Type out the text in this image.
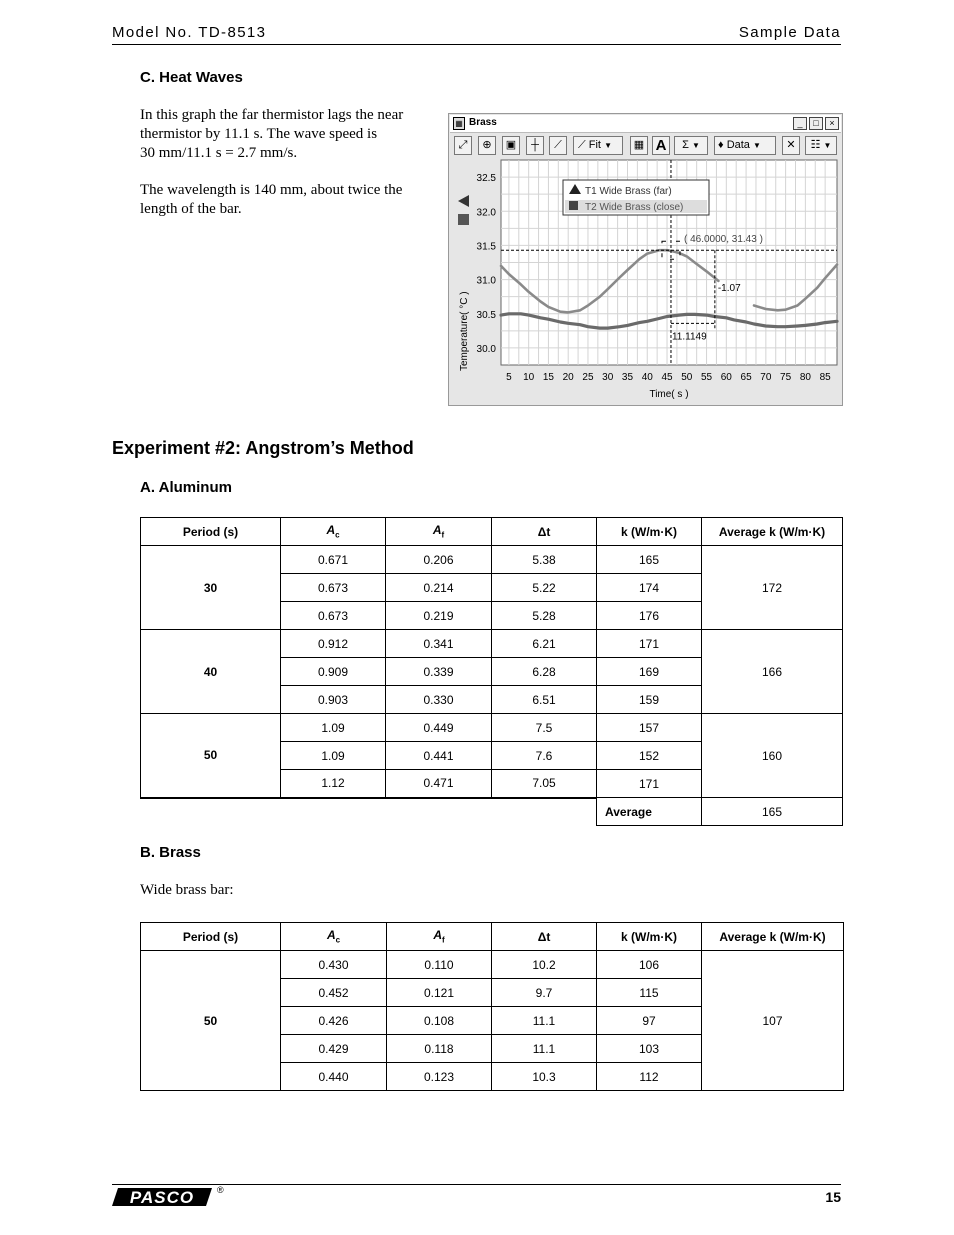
Model No. TD-8513	Sample Data
C. Heat Waves
In this graph the far thermistor lags the near
thermistor by 11.1 s. The wave speed is
30 mm/11.1 s = 2.7 mm/s.
The wavelength is 140 mm, about twice the
length of the bar.
▦ Brass	_	□	×
⤢	⊕	▣	┼	⟋	⟋ Fit ▼	▦ A	Σ ▼	♦ Data ▼	✕	☷ ▼
5 10 15 20 25 30 35 40 45 50 55 60 65 70 75 80 85
30.0
30.5
31.0
31.5
32.0
32.5
Temperature( °C )
Time( s )
T1 Wide Brass (far)
T2 Wide Brass (close)
( 46.0000, 31.43 )
-1.07
11.1149
Experiment #2: Angstrom’s Method
A. Aluminum
Period (s)	$A_c$	$A_f$	Δt	k (W/m·K)	Average k (W/m·K)
30	0.671	0.206	5.38	165	172
	0.673	0.214	5.22	174	
	0.673	0.219	5.28	176	
40	0.912	0.341	6.21	171	166
	0.909	0.339	6.28	169	
	0.903	0.330	6.51	159	
50	1.09	0.449	7.5	157	160
	1.09	0.441	7.6	152	
	1.12	0.471	7.05	171	
				Average	165
B. Brass
Wide brass bar:
Period (s)	$A_c$	$A_f$	Δt	k (W/m·K)	Average k (W/m·K)
50	0.430	0.110	10.2	106	107
	0.452	0.121	9.7	115	
	0.426	0.108	11.1	97	
	0.429	0.118	11.1	103	
	0.440	0.123	10.3	112	
PASCO	®	15
